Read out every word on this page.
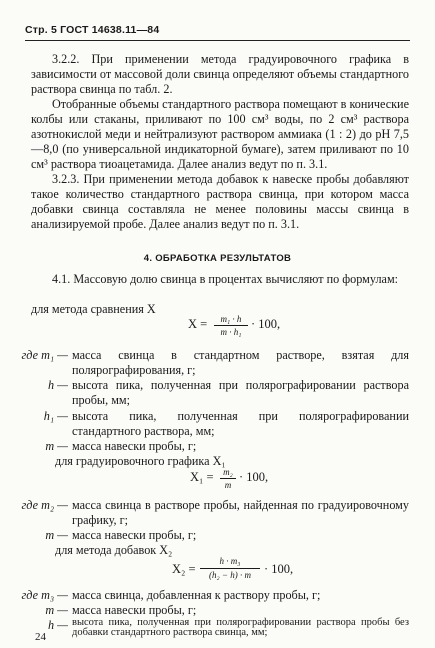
Стр. 5 ГОСТ 14638.11—84

3.2.2. При применении метода градуировочного графика в зависимости от массовой доли свинца определяют объемы стандартного раствора свинца по табл. 2.

Отобранные объемы стандартного раствора помещают в конические колбы или стаканы, приливают по 100 см³ воды, по 2 см³ раствора азотнокислой меди и нейтрализуют раствором аммиака (1 : 2) до pH 7,5—8,0 (по универсальной индикаторной бумаге), затем приливают по 10 см³ раствора тиоацетамида. Далее анализ ведут по п. 3.1.

3.2.3. При применении метода добавок к навеске пробы добавляют такое количество стандартного раствора свинца, при котором масса добавки свинца составляла не менее половины массы свинца в анализируемой пробе. Далее анализ ведут по п. 3.1.

4. ОБРАБОТКА РЕЗУЛЬТАТОВ

4.1. Массовую долю свинца в процентах вычисляют по формулам:

для метода сравнения X
X =	m₁ · h
m · h₁
· 100,
где m₁ — масса свинца в стандартном растворе, взятая для полярографирования, г;
h — высота пика, полученная при полярографировании раствора пробы, мм;
h₁ — высота пика, полученная при полярографировании стандартного раствора, мм;
m — масса навески пробы, г;
для градуировочного графика X₁
X₁ =	m₂
m
· 100,
где m₂ — масса свинца в растворе пробы, найденная по градуировочному графику, г;
m — масса навески пробы, г;
для метода добавок X₂
X₂ =
h · m₃
(h₂ − h) · m	· 100,
где m₃ — масса свинца, добавленная к раствору пробы, г;
m — масса навески пробы, г;
h — высота пика, полученная при полярографировании раствора пробы без добавки стандартного раствора свинца, мм;
24
